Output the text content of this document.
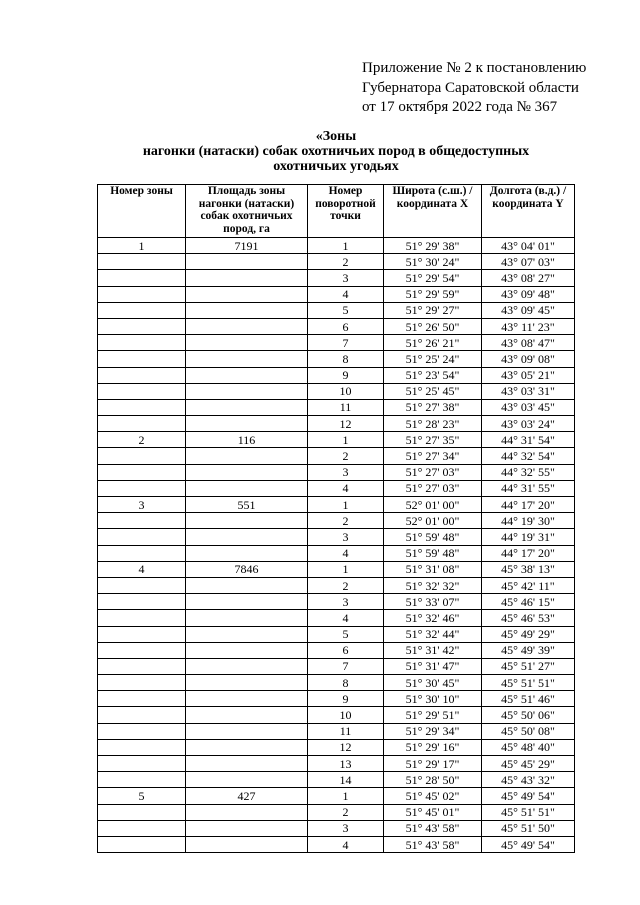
Приложение № 2 к постановлению
Губернатора Саратовской области
от 17 октября 2022 года № 367
«Зоны
нагонки (натаски) собак охотничьих пород в общедоступных
охотничьих угодьях
Номер зоны	Площадь зоны нагонки (натаски) собак охотничьих пород, га	Номер поворотной точки	Широта (с.ш.) / координата X	Долгота (в.д.) / координата Y
1	7191	1	51° 29' 38"	43° 04' 01"
		2	51° 30' 24"	43° 07' 03"
		3	51° 29' 54"	43° 08' 27"
		4	51° 29' 59"	43° 09' 48"
		5	51° 29' 27"	43° 09' 45"
		6	51° 26' 50"	43° 11' 23"
		7	51° 26' 21"	43° 08' 47"
		8	51° 25' 24"	43° 09' 08"
		9	51° 23' 54"	43° 05' 21"
		10	51° 25' 45"	43° 03' 31"
		11	51° 27' 38"	43° 03' 45"
		12	51° 28' 23"	43° 03' 24"
2	116	1	51° 27' 35"	44° 31' 54"
		2	51° 27' 34"	44° 32' 54"
		3	51° 27' 03"	44° 32' 55"
		4	51° 27' 03"	44° 31' 55"
3	551	1	52° 01' 00"	44° 17' 20"
		2	52° 01' 00"	44° 19' 30"
		3	51° 59' 48"	44° 19' 31"
		4	51° 59' 48"	44° 17' 20"
4	7846	1	51° 31' 08"	45° 38' 13"
		2	51° 32' 32"	45° 42' 11"
		3	51° 33' 07"	45° 46' 15"
		4	51° 32' 46"	45° 46' 53"
		5	51° 32' 44"	45° 49' 29"
		6	51° 31' 42"	45° 49' 39"
		7	51° 31' 47"	45° 51' 27"
		8	51° 30' 45"	45° 51' 51"
		9	51° 30' 10"	45° 51' 46"
		10	51° 29' 51"	45° 50' 06"
		11	51° 29' 34"	45° 50' 08"
		12	51° 29' 16"	45° 48' 40"
		13	51° 29' 17"	45° 45' 29"
		14	51° 28' 50"	45° 43' 32"
5	427	1	51° 45' 02"	45° 49' 54"
		2	51° 45' 01"	45° 51' 51"
		3	51° 43' 58"	45° 51' 50"
		4	51° 43' 58"	45° 49' 54"
